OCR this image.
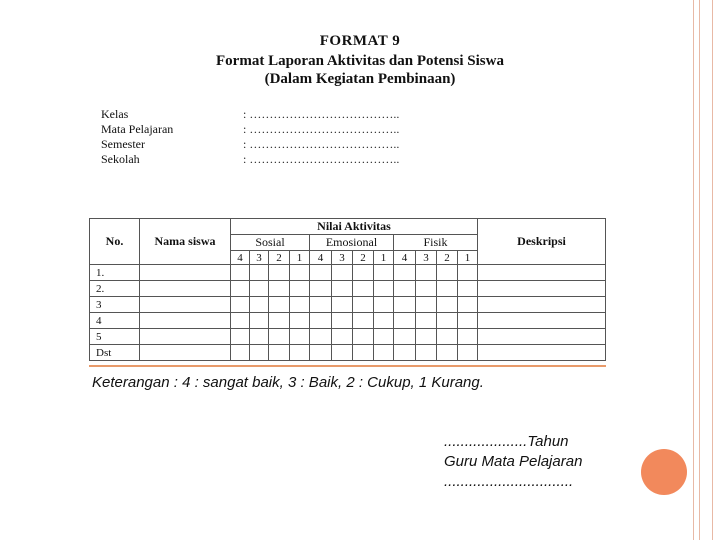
FORMAT 9
Format Laporan Aktivitas dan Potensi Siswa
(Dalam Kegiatan Pembinaan)
Kelas	: ………………………………..
Mata Pelajaran	: ………………………………..
Semester	: ………………………………..
Sekolah	: ………………………………..
No.	Nama siswa	Nilai Aktivitas												Deskripsi
		Sosial				Emosional				Fisik				
		4	3	2	1	4	3	2	1	4	3	2	1	
1.														
2.														
3														
4														
5														
Dst														
Keterangan : 4 : sangat baik, 3 : Baik, 2 : Cukup, 1 Kurang.
....................Tahun
Guru Mata Pelajaran
...............................
